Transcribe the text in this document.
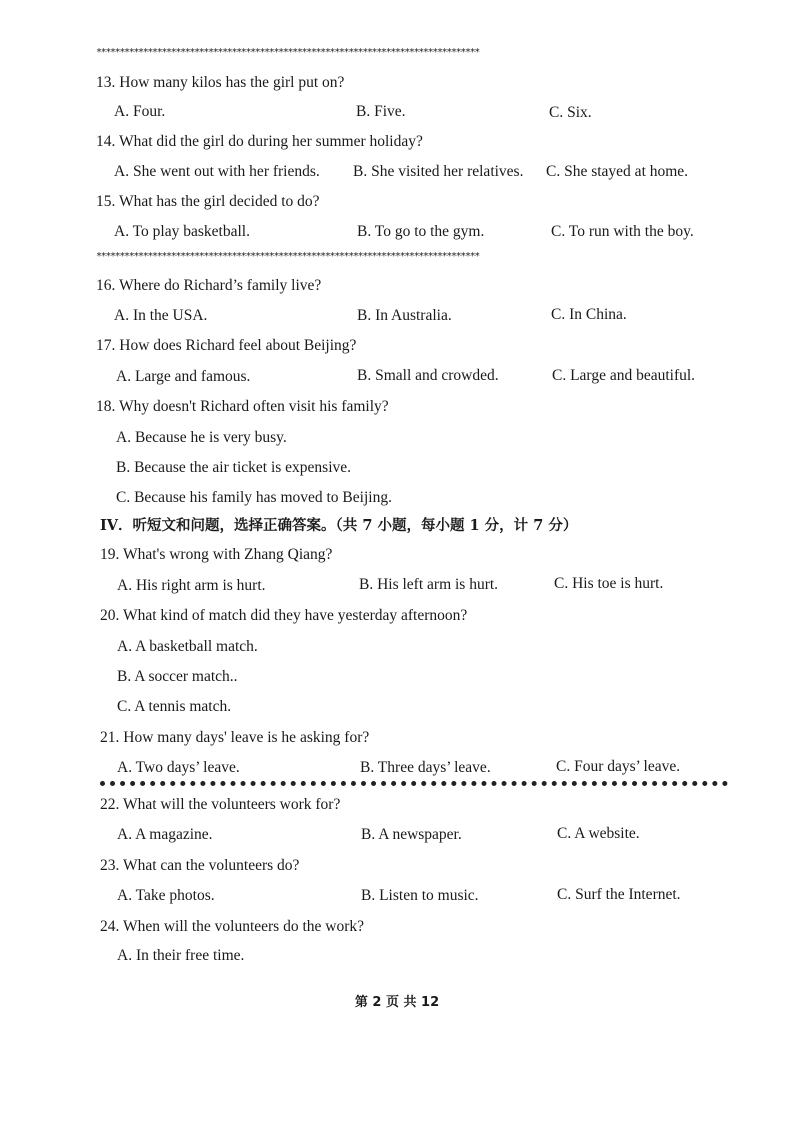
**********************************************************************************
13. How many kilos has the girl put on?
A. Four.	B. Five.	C. Six.
14. What did the girl do during her summer holiday?
A. She went out with her friends. B. She visited her relatives. C. She stayed at home.
15. What has the girl decided to do?
A. To play basketball.	B. To go to the gym.	C. To run with the boy.
**********************************************************************************
16. Where do Richard’s family live?
A. In the USA.	B. In Australia.	C. In China.
17. How does Richard feel about Beijing?
A. Large and famous.	B. Small and crowded.	C. Large and beautiful.
18. Why doesn't Richard often visit his family?
A. Because he is very busy.
B. Because the air ticket is expensive.
C. Because his family has moved to Beijing.
IV．听短文和问题，选择正确答案。（共 7 小题，每小题 1 分，计 7 分）
19. What's wrong with Zhang Qiang?
A. His right arm is hurt.	B. His left arm is hurt.	C. His toe is hurt.
20. What kind of match did they have yesterday afternoon?
A. A basketball match.
B. A soccer match..
C. A tennis match.
21. How many days' leave is he asking for?
A. Two days’ leave.	B. Three days’ leave.	C. Four days’ leave.
22. What will the volunteers work for?
A. A magazine.	B. A newspaper.	C. A website.
23. What can the volunteers do?
A. Take photos.	B. Listen to music.	C. Surf the Internet.
24. When will the volunteers do the work?
A. In their free time.
第 2 页 共 12
